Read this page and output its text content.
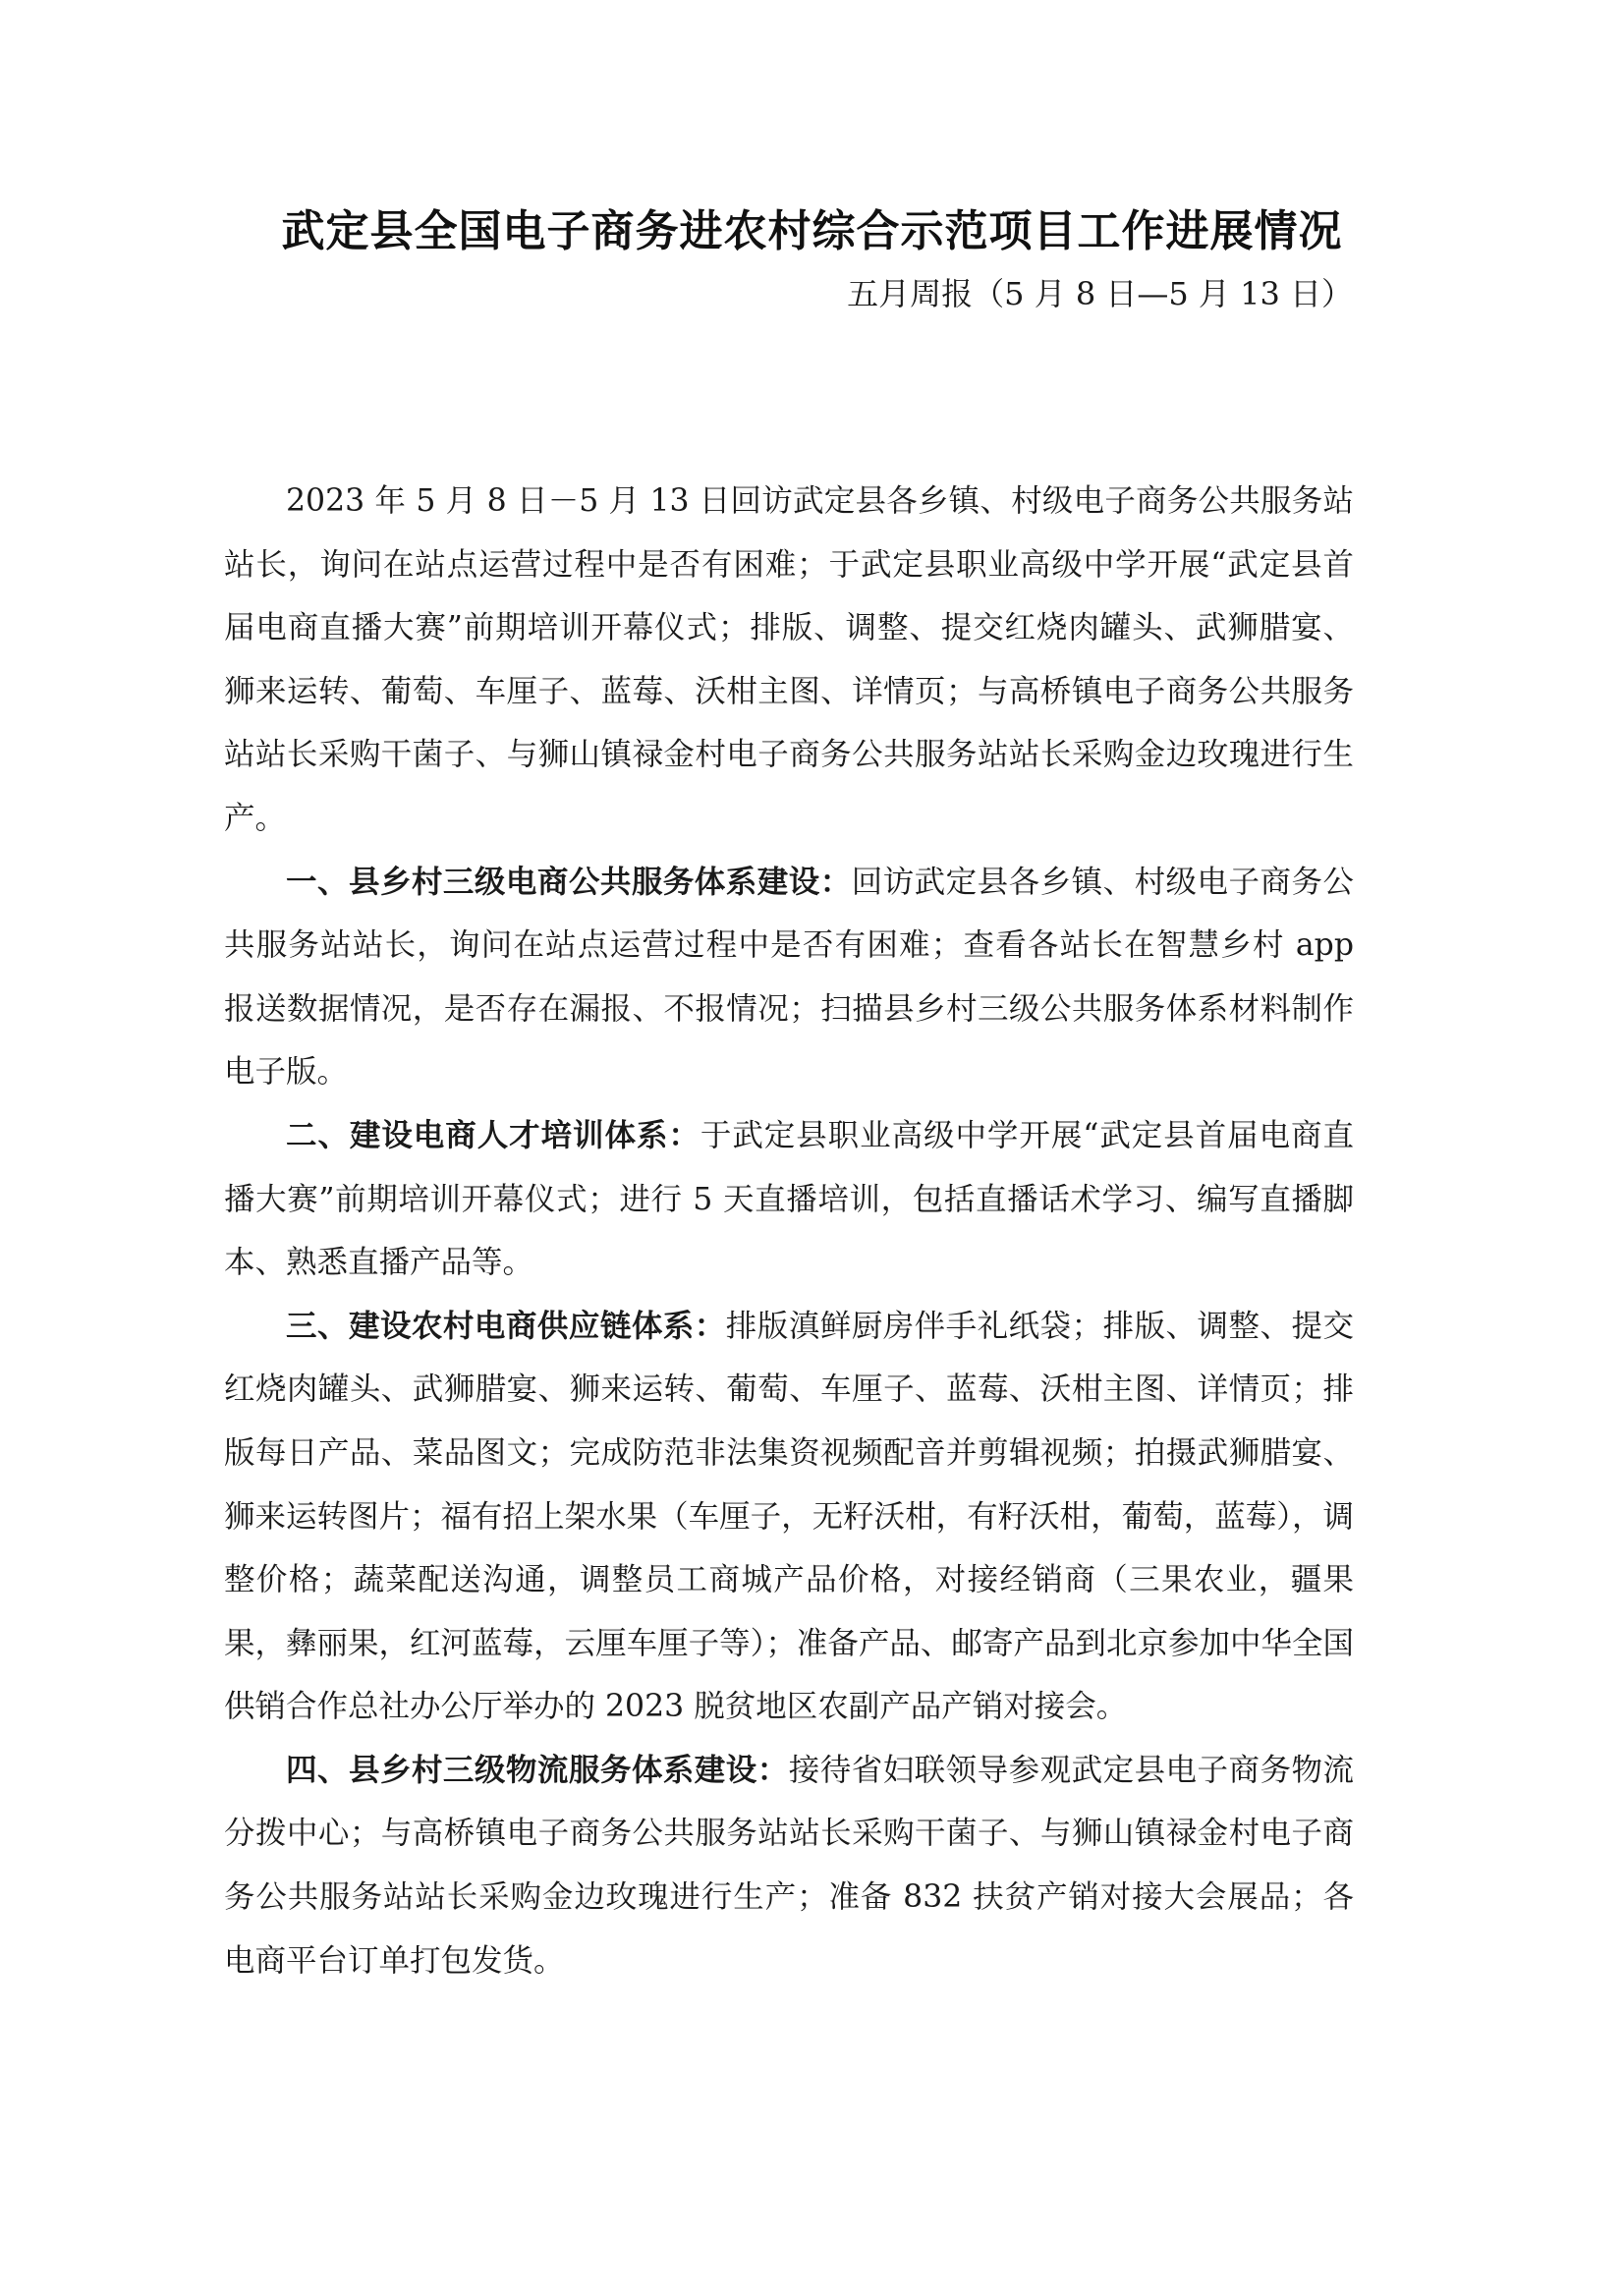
武定县全国电子商务进农村综合示范项目工作进展情况
五月周报（5 月 8 日—5 月 13 日）

2023 年 5 月 8 日－5 月 13 日回访武定县各乡镇、村级电子商务公共服务站站长，询问在站点运营过程中是否有困难；于武定县职业高级中学开展“武定县首届电商直播大赛”前期培训开幕仪式；排版、调整、提交红烧肉罐头、武狮腊宴、狮来运转、葡萄、车厘子、蓝莓、沃柑主图、详情页；与高桥镇电子商务公共服务站站长采购干菌子、与狮山镇禄金村电子商务公共服务站站长采购金边玫瑰进行生产。

一、县乡村三级电商公共服务体系建设：回访武定县各乡镇、村级电子商务公共服务站站长，询问在站点运营过程中是否有困难；查看各站长在智慧乡村 app 报送数据情况，是否存在漏报、不报情况；扫描县乡村三级公共服务体系材料制作电子版。

二、建设电商人才培训体系：于武定县职业高级中学开展“武定县首届电商直播大赛”前期培训开幕仪式；进行 5 天直播培训，包括直播话术学习、编写直播脚本、熟悉直播产品等。

三、建设农村电商供应链体系：排版滇鲜厨房伴手礼纸袋；排版、调整、提交红烧肉罐头、武狮腊宴、狮来运转、葡萄、车厘子、蓝莓、沃柑主图、详情页；排版每日产品、菜品图文；完成防范非法集资视频配音并剪辑视频；拍摄武狮腊宴、狮来运转图片；福有招上架水果（车厘子，无籽沃柑，有籽沃柑，葡萄，蓝莓），调整价格；蔬菜配送沟通，调整员工商城产品价格，对接经销商（三果农业，疆果果，彝丽果，红河蓝莓，云厘车厘子等）；准备产品、邮寄产品到北京参加中华全国供销合作总社办公厅举办的 2023 脱贫地区农副产品产销对接会。

四、县乡村三级物流服务体系建设：接待省妇联领导参观武定县电子商务物流分拨中心；与高桥镇电子商务公共服务站站长采购干菌子、与狮山镇禄金村电子商务公共服务站站长采购金边玫瑰进行生产；准备 832 扶贫产销对接大会展品；各电商平台订单打包发货。
